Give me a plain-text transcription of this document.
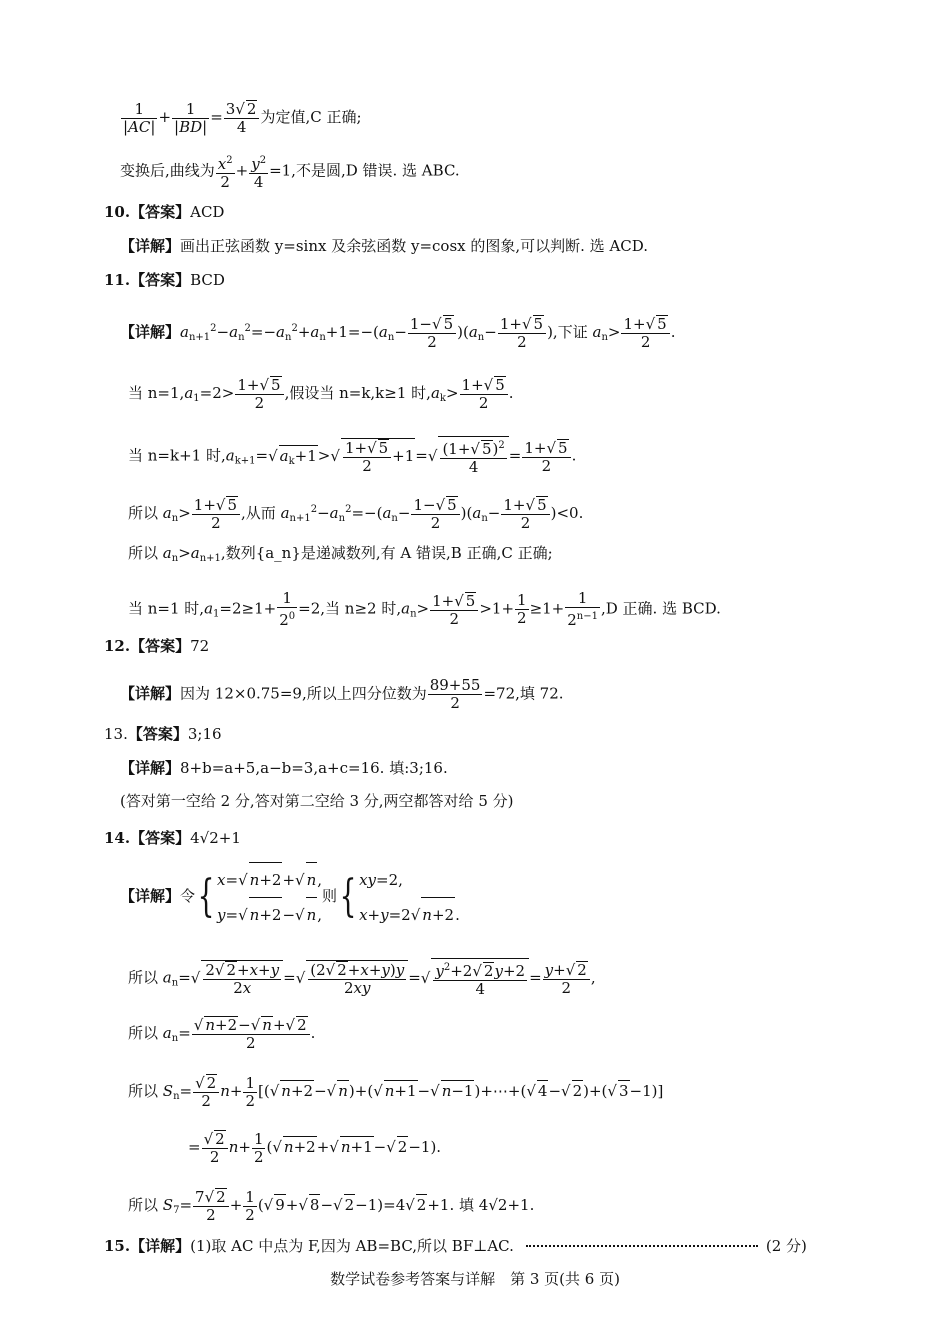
$\frac{1}{|AC|} + \frac{1}{|BD|} = \frac{3√ 2}{4}$ 为定值,C 正确;
变换后,曲线为 $\frac{x^2}{2} + \frac{y^2}{4} =1$,不是圆,D 错误. 选 ABC.
10.【答案】ACD
【详解】画出正弦函数 y=sinx 及余弦函数 y=cosx 的图象,可以判断. 选 ACD.
11.【答案】BCD
【详解】$a_{n+1}^2-a_n^2=-a_n^2+a_n+1=-(a_n- \frac{1-√ 5}{2} )(a_n- \frac{1+√ 5}{2}$ ),下证 $a_n> \frac{1+√ 5}{2}$ .
当 $n=1,a_1=2> \frac{1+√ 5}{2}$ ,假设当 n=k,k≥1 时$,a_k> \frac{1+√ 5}{2}$ .
当 n=k+1 时$,a_{k+1}=√$ $a_k+1>√ \frac{1+√ 5}{2} +1=√ \frac{(1+√ 5)^2}{4} = \frac{1+√ 5}{2}$ .
所以 $a_n> \frac{1+√ 5}{2}$ ,从而 $a_{n+1}^2-a_n^2=-(a_n- \frac{1-√ 5}{2} )(a_n- \frac{1+√ 5}{2} )<0$.
所以 $a_n>a_{n+1}$,数列{a_n}是递减数列,有 A 错误,B 正确,C 正确;
当 n=1 时$,a_1=2\ge 1+ \frac{1}{2^0} =2$,当 n≥2 时$,a_n> \frac{1+√ 5}{2} >1+ \frac{1}{2} \ge 1+ \frac{1}{2^{n-1}} ,D$ 正确. 选 BCD.
12.【答案】72
【详解】因为 12×0.75=9,所以上四分位数为 $\frac{89+55}{2} =72$,填 72.
13.【答案】3;16
【详解】8+b=a+5,a−b=3,a+c=16. 填:3;16.
(答对第一空给 2 分,答对第二空给 3 分,两空都答对给 5 分)
14.【答案】4√2+1
【详解】令{ x=√ n+2+√ n,
y=√ n+2−√ n,
则{ xy=2,
x+y=2√ n+2.
所以 $a_n=√ \frac{2√ 2+x+y}{2x}$ =√ $\frac{(2√ 2+x+y)y}{2xy}$ =√ $\frac{y^2+2√ 2y+2}{4} = \frac{y+√ 2}{2}$ ,
所以 $a_n=$
√ $\frac{n+2-√ n+√ 2}{2}$ .
所以 $S_n=$
√ $\frac{2}{2} n+ \frac{1}{2}$ [(√ n+2−√ n)+(√ n+1−√ n−1)+⋯+(√ 4−√ 2)+(√ 3−1)]
=
√ $\frac{2}{2} n+ \frac{1}{2}$ (√ n+2+√ n+1−√ 2−1).
所以 $S_7= \frac{7√ 2}{2} + \frac{1}{2}$ (√ 9+√ 8−√ 2−1)=4√ 2+1. 填 4√2+1.
15.【详解】(1)取 AC 中点为 F,因为 AB=BC,所以 BF⊥AC.	(2 分)
数学试卷参考答案与详解　第 3 页(共 6 页)
